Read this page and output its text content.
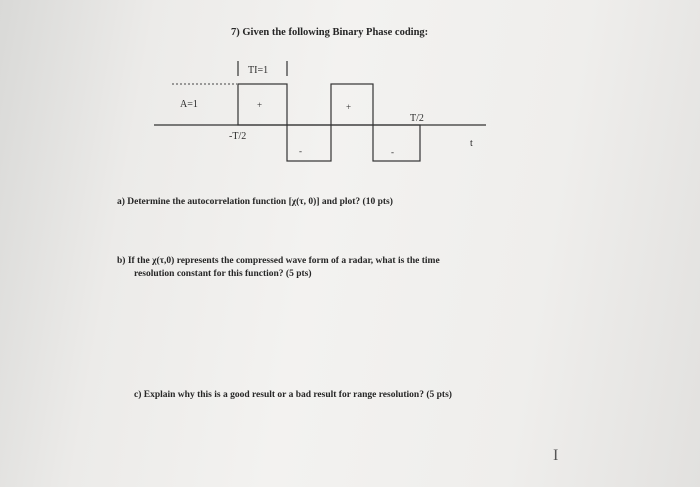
7) Given the following Binary Phase coding:
TI=1
A=1
t
+	+
-	-
-T/2
T/2
a) Determine the autocorrelation function [χ(τ, 0)] and plot? (10 pts)
b) If the χ(τ,0) represents the compressed wave form of a radar, what is the time
resolution constant for this function? (5 pts)
c) Explain why this is a good result or a bad result for range resolution? (5 pts)
I
